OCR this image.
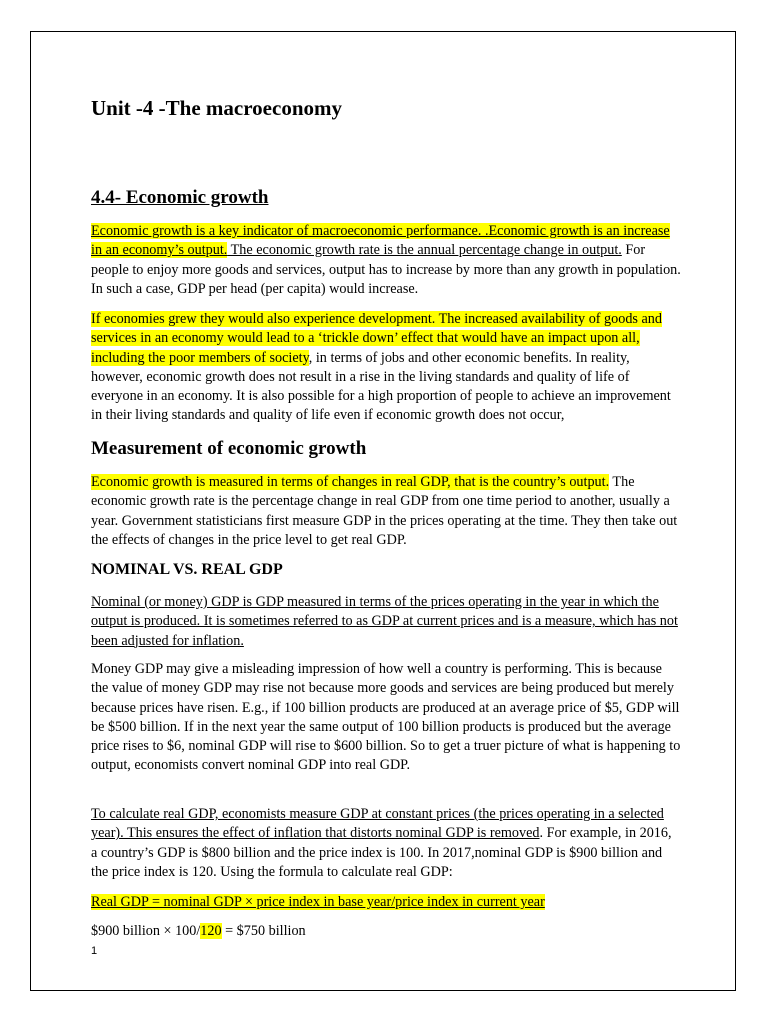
Unit -4 -The macroeconomy
4.4- Economic growth

Economic growth is a key indicator of macroeconomic performance. .Economic growth is an increase in an economy’s output. The economic growth rate is the annual percentage change in output. For people to enjoy more goods and services, output has to increase by more than any growth in population. In such a case, GDP per head (per capita) would increase.

If economies grew they would also experience development. The increased availability of goods and services in an economy would lead to a ‘trickle down’ effect that would have an impact upon all, including the poor members of society, in terms of jobs and other economic benefits. In reality, however, economic growth does not result in a rise in the living standards and quality of life of everyone in an economy. It is also possible for a high proportion of people to achieve an improvement in their living standards and quality of life even if economic growth does not occur,

Measurement of economic growth

Economic growth is measured in terms of changes in real GDP, that is the country’s output. The economic growth rate is the percentage change in real GDP from one time period to another, usually a year. Government statisticians first measure GDP in the prices operating at the time. They then take out the effects of changes in the price level to get real GDP.

NOMINAL VS. REAL GDP

Nominal (or money) GDP is GDP measured in terms of the prices operating in the year in which the output is produced. It is sometimes referred to as GDP at current prices and is a measure, which has not been adjusted for inflation.

Money GDP may give a misleading impression of how well a country is performing. This is because the value of money GDP may rise not because more goods and services are being produced but merely because prices have risen. E.g., if 100 billion products are produced at an average price of $5, GDP will be $500 billion. If in the next year the same output of 100 billion products is produced but the average price rises to $6, nominal GDP will rise to $600 billion. So to get a truer picture of what is happening to output, economists convert nominal GDP into real GDP.

To calculate real GDP, economists measure GDP at constant prices (the prices operating in a selected year). This ensures the effect of inflation that distorts nominal GDP is removed. For example, in 2016, a country’s GDP is $800 billion and the price index is 100. In 2017,nominal GDP is $900 billion and the price index is 120. Using the formula to calculate real GDP:

Real GDP = nominal GDP × price index in base year/price index in current year

$900 billion × 100/120 = $750 billion

1
